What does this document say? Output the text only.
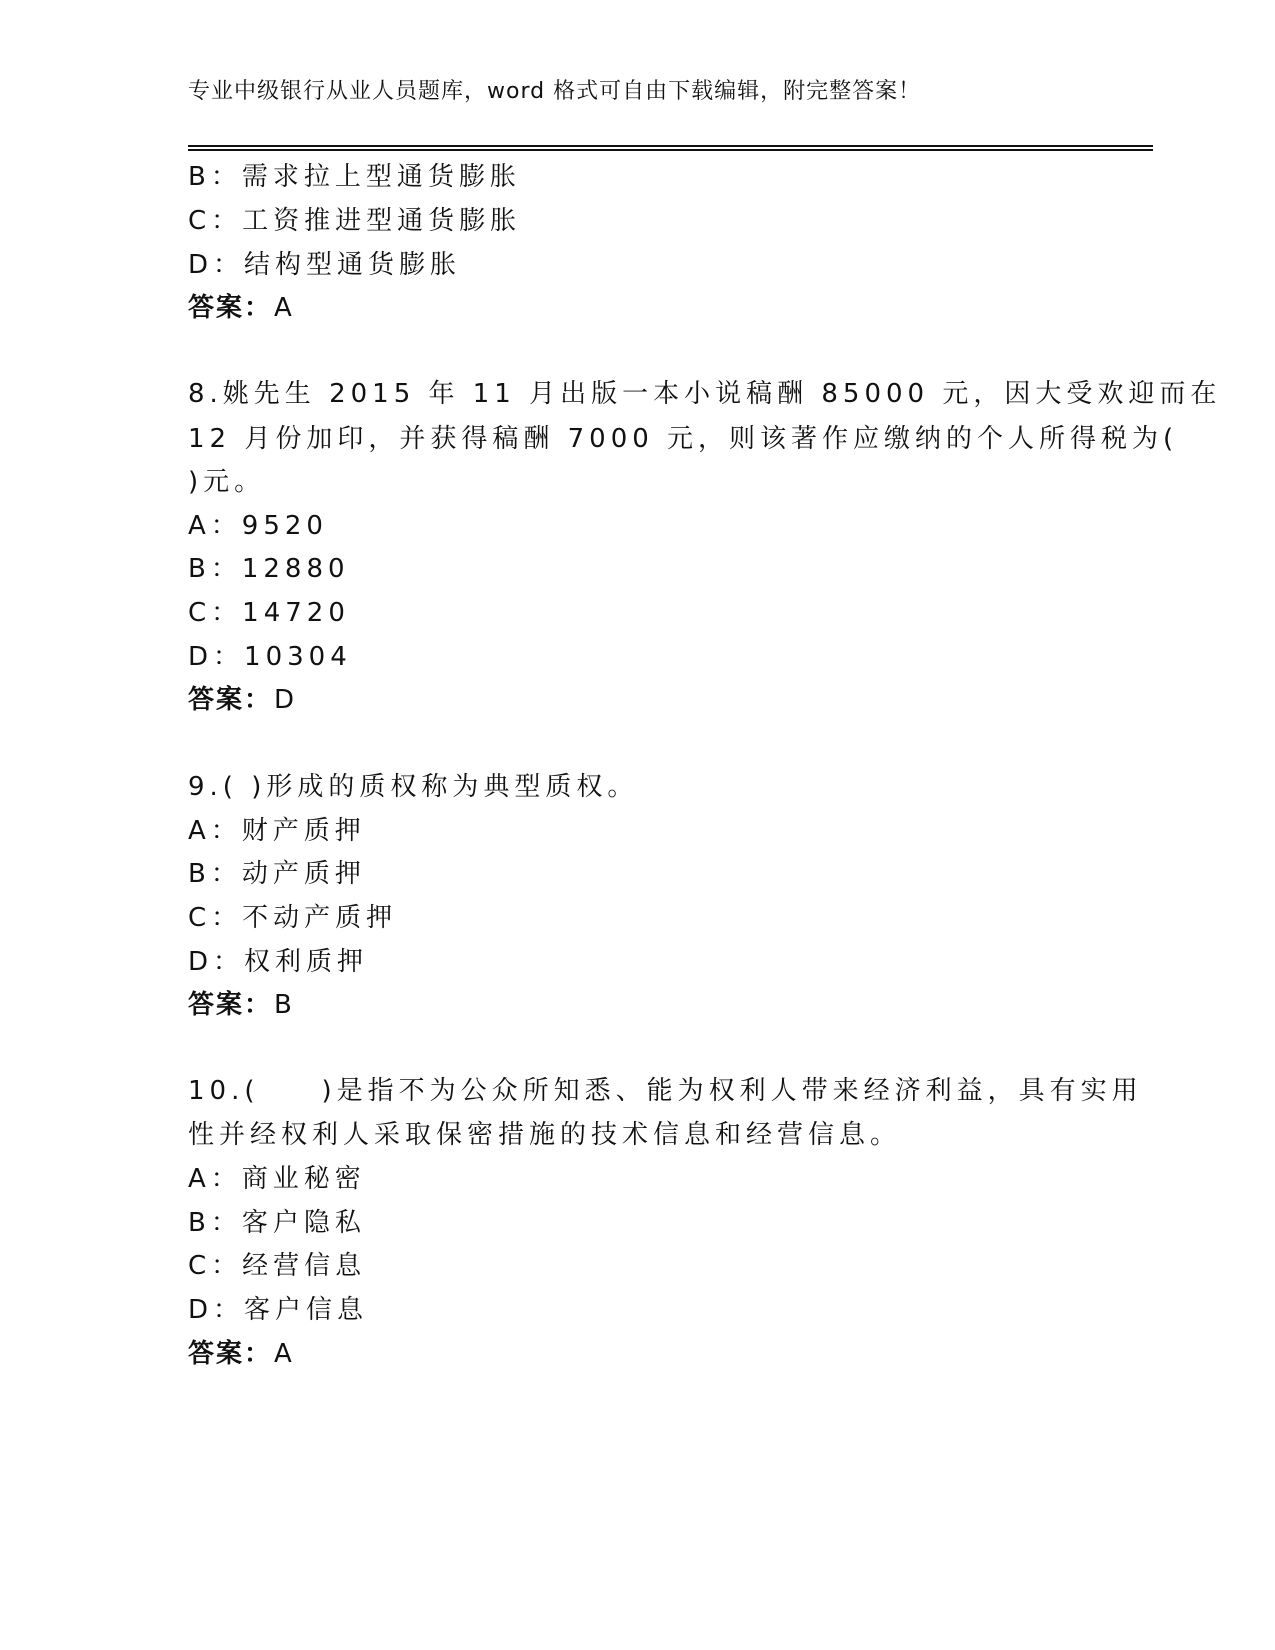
专业中级银行从业人员题库，word 格式可自由下载编辑，附完整答案！
B：需求拉上型通货膨胀
C：工资推进型通货膨胀
D：结构型通货膨胀
答案：A
8.姚先生 2015 年 11 月出版一本小说稿酬 85000 元，因大受欢迎而在
12 月份加印，并获得稿酬 7000 元，则该著作应缴纳的个人所得税为(
)元。
A：9520
B：12880
C：14720
D：10304
答案：D
9.( )形成的质权称为典型质权。
A：财产质押
B：动产质押
C：不动产质押
D：权利质押
答案：B
10.(　　)是指不为公众所知悉、能为权利人带来经济利益，具有实用
性并经权利人采取保密措施的技术信息和经营信息。
A：商业秘密
B：客户隐私
C：经营信息
D：客户信息
答案：A
